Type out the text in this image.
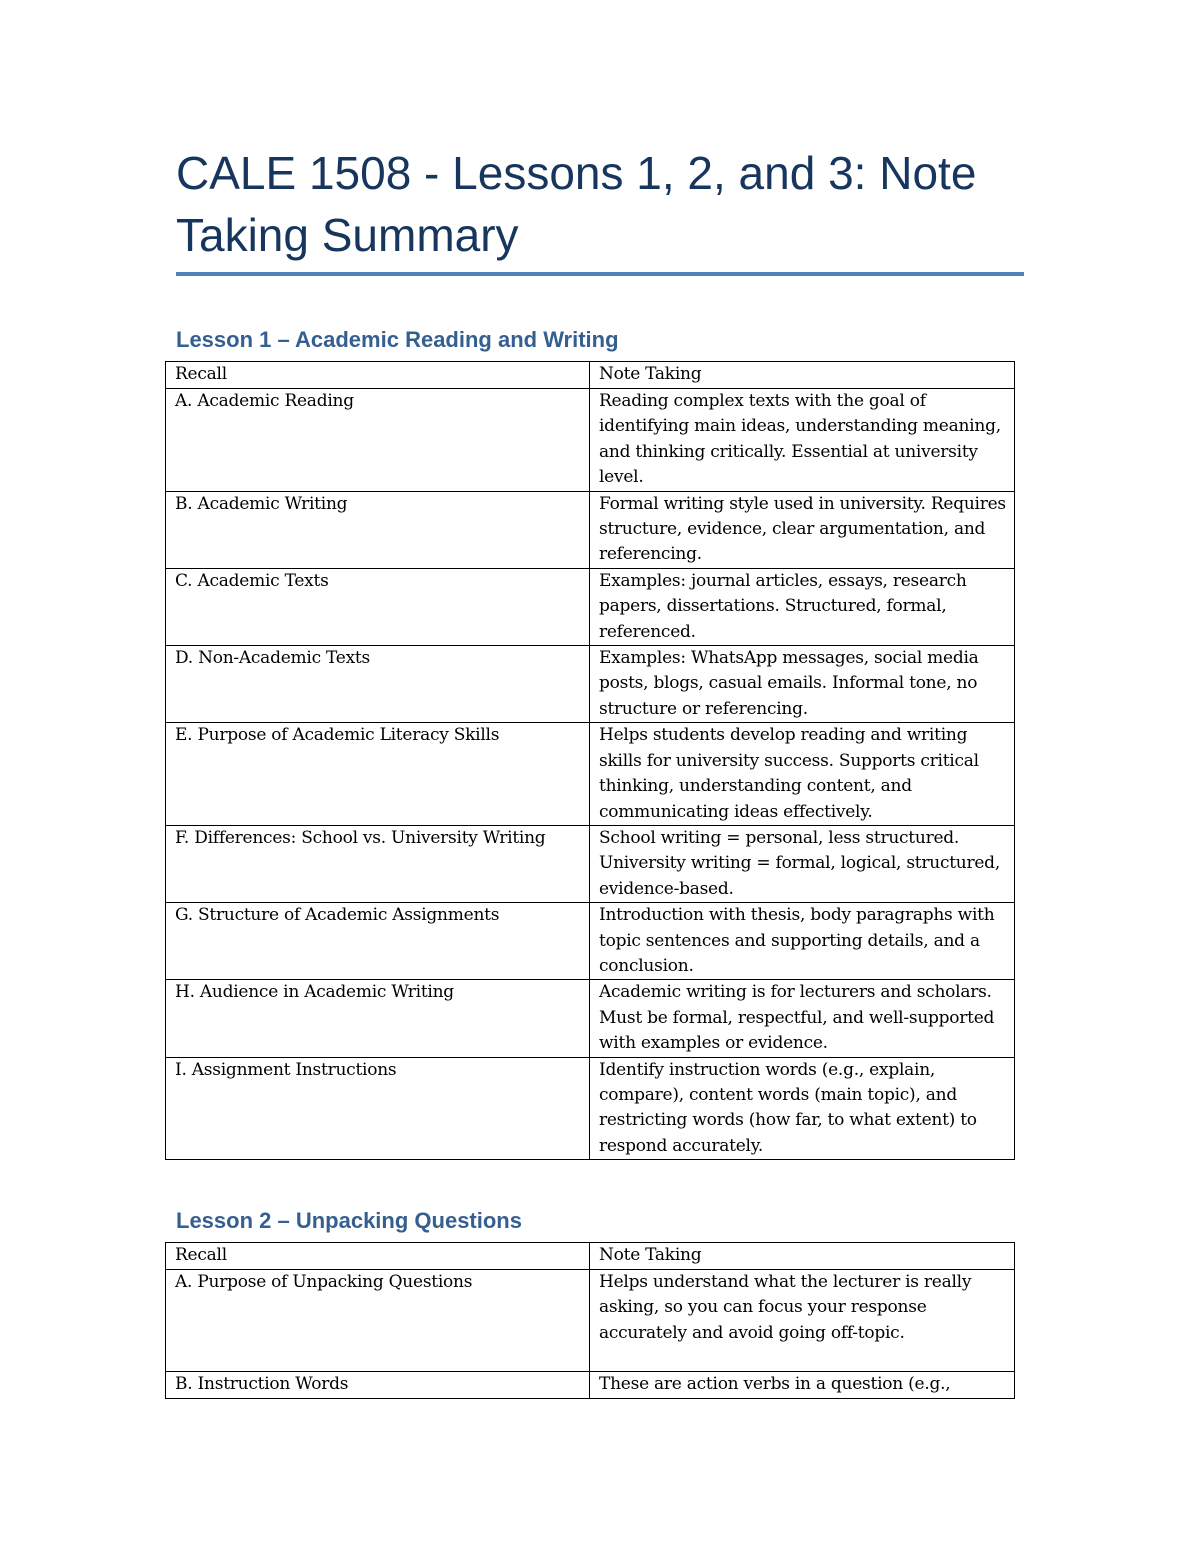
CALE 1508 - Lessons 1, 2, and 3: Note Taking Summary
Lesson 1 – Academic Reading and Writing
Recall	Note Taking
A. Academic Reading	Reading complex texts with the goal of identifying main ideas, understanding meaning, and thinking critically. Essential at university level.
B. Academic Writing	Formal writing style used in university. Requires structure, evidence, clear argumentation, and referencing.
C. Academic Texts	Examples: journal articles, essays, research papers, dissertations. Structured, formal, referenced.
D. Non-Academic Texts	Examples: WhatsApp messages, social media posts, blogs, casual emails. Informal tone, no structure or referencing.
E. Purpose of Academic Literacy Skills	Helps students develop reading and writing skills for university success. Supports critical thinking, understanding content, and communicating ideas effectively.
F. Differences: School vs. University Writing	School writing = personal, less structured. University writing = formal, logical, structured, evidence-based.
G. Structure of Academic Assignments	Introduction with thesis, body paragraphs with topic sentences and supporting details, and a conclusion.
H. Audience in Academic Writing	Academic writing is for lecturers and scholars. Must be formal, respectful, and well-supported with examples or evidence.
I. Assignment Instructions	Identify instruction words (e.g., explain, compare), content words (main topic), and restricting words (how far, to what extent) to respond accurately.
Lesson 2 – Unpacking Questions
Recall	Note Taking
A. Purpose of Unpacking Questions	Helps understand what the lecturer is really asking, so you can focus your response accurately and avoid going off-topic.
B. Instruction Words	These are action verbs in a question (e.g.,
